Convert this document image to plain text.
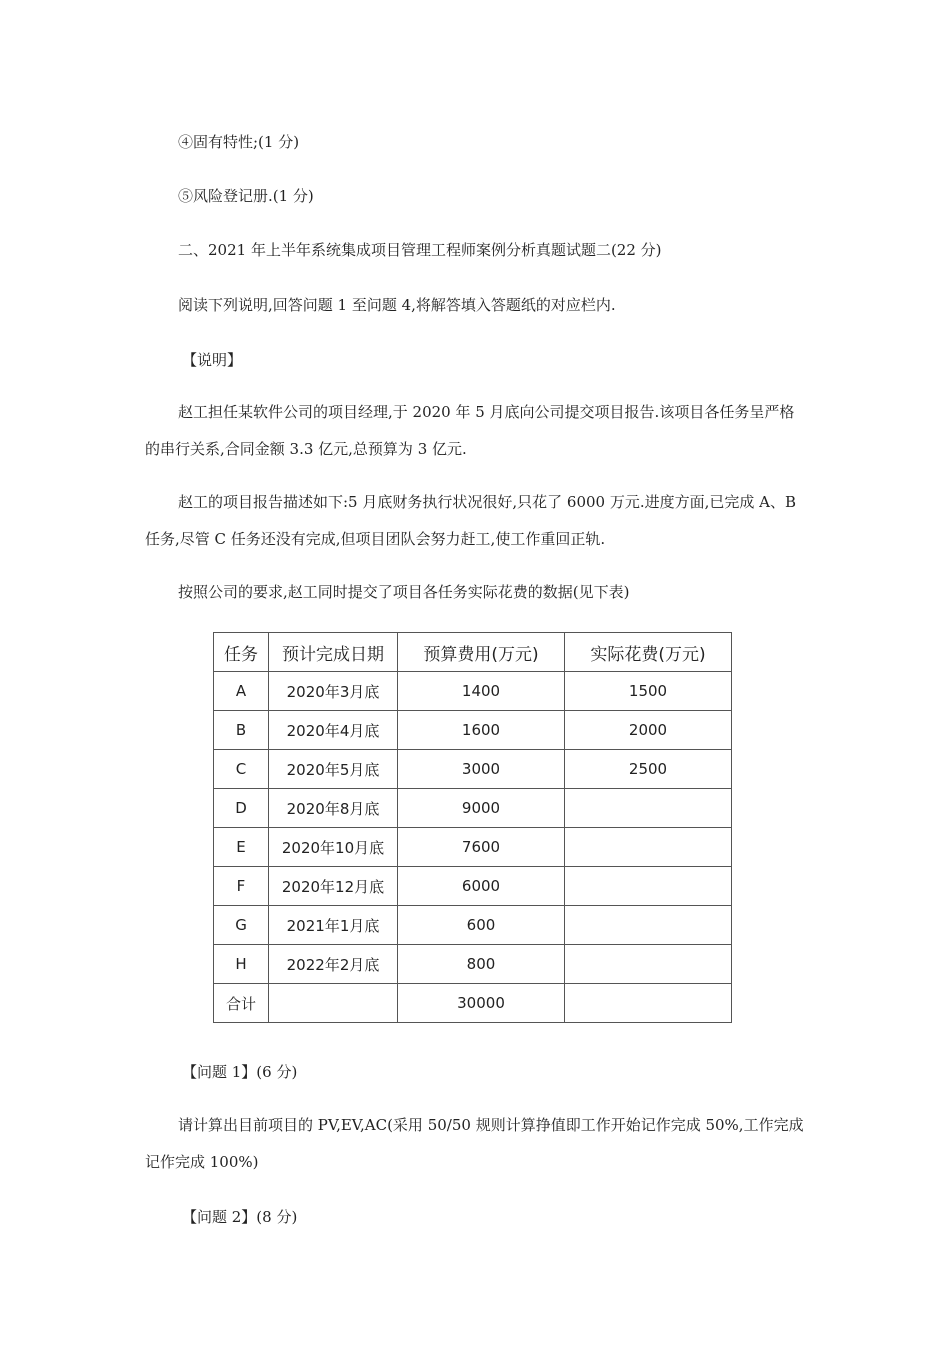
④固有特性;(1 分)
⑤风险登记册.(1 分)
二、2021 年上半年系统集成项目管理工程师案例分析真题试题二(22 分)
阅读下列说明,回答问题 1 至问题 4,将解答填入答题纸的对应栏内.
【说明】
赵工担任某软件公司的项目经理,于 2020 年 5 月底向公司提交项目报告.该项目各任务呈严格的串行关系,合同金额 3.3 亿元,总预算为 3 亿元.
赵工的项目报告描述如下:5 月底财务执行状况很好,只花了 6000 万元.进度方面,已完成 A、B 任务,尽管 C 任务还没有完成,但项目团队会努力赶工,使工作重回正轨.
按照公司的要求,赵工同时提交了项目各任务实际花费的数据(见下表)
任务	预计完成日期	预算费用(万元)	实际花费(万元)
A	2020年3月底	1400	1500
B	2020年4月底	1600	2000
C	2020年5月底	3000	2500
D	2020年8月底	9000	
E	2020年10月底	7600	
F	2020年12月底	6000	
G	2021年1月底	600	
H	2022年2月底	800	
合计		30000	
【问题 1】(6 分)
请计算出目前项目的 PV,EV,AC(采用 50/50 规则计算挣值即工作开始记作完成 50%,工作完成记作完成 100%)
【问题 2】(8 分)
